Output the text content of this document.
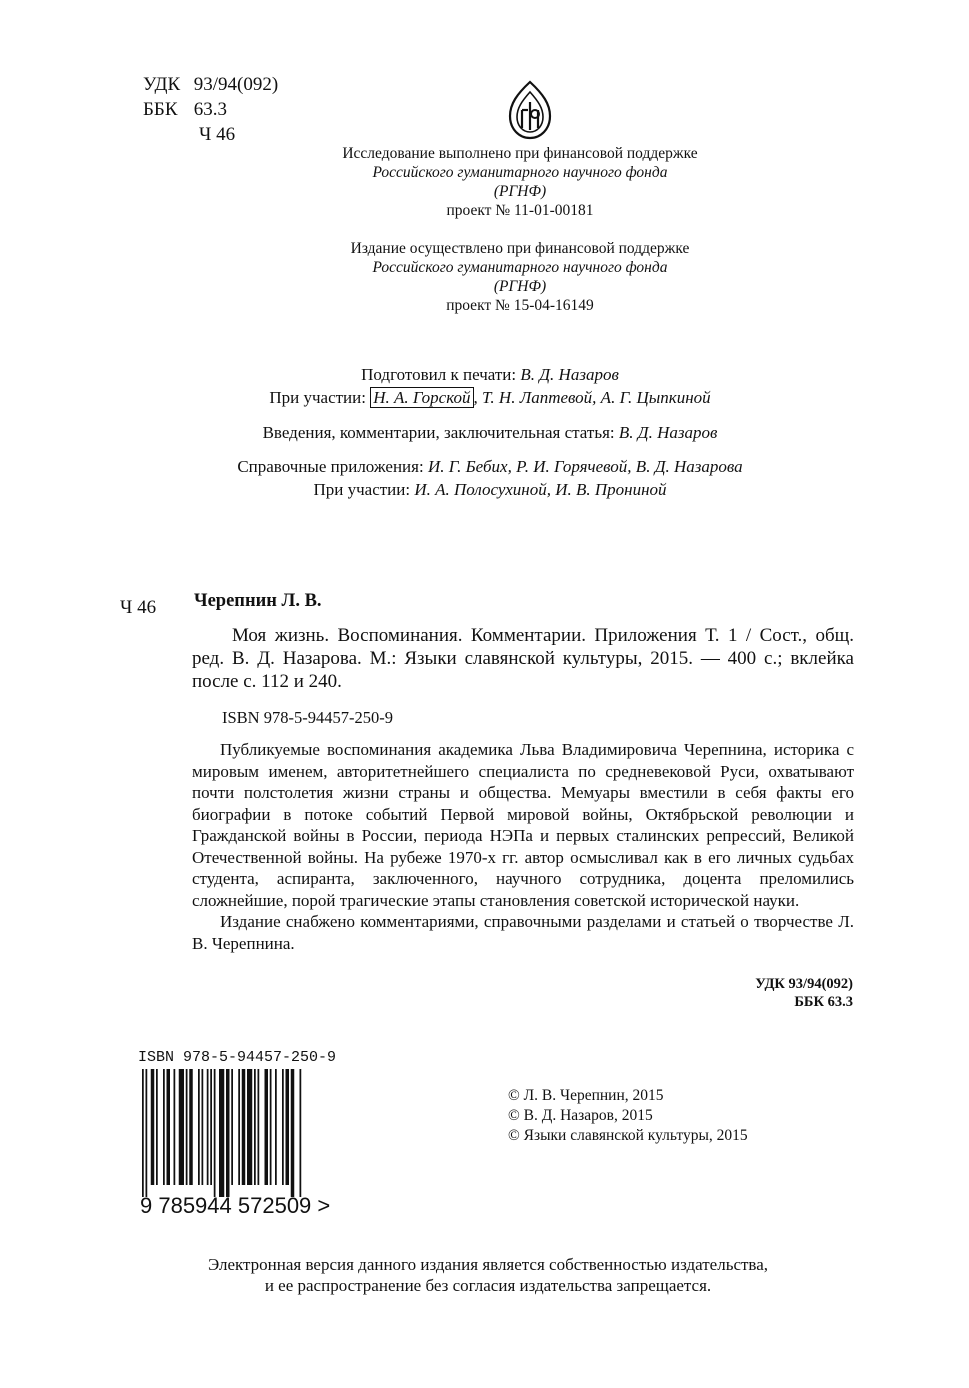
УДК 93/94(092)
ББК 63.3
Ч 46
Исследование выполнено при финансовой поддержке
Российского гуманитарного научного фонда
(РГНФ)
проект № 11-01-00181
Издание осуществлено при финансовой поддержке
Российского гуманитарного научного фонда
(РГНФ)
проект № 15-04-16149
Подготовил к печати: В. Д. Назаров
При участии: Н. А. Горской , Т. Н. Лаптевой, А. Г. Цыпкиной
Введения, комментарии, заключительная статья: В. Д. Назаров
Справочные приложения: И. Г. Бебих, Р. И. Горячевой, В. Д. Назарова
При участии: И. А. Полосухиной, И. В. Прониной
Ч 46 Черепнин Л. В.
Моя жизнь. Воспоминания. Комментарии. Приложения Т. 1 / Сост., общ. ред. В. Д. Назарова. М.: Языки славянской культуры, 2015. — 400 с.; вклейка после с. 112 и 240.
ISBN 978-5-94457-250-9

Публикуемые воспоминания академика Льва Владимировича Черепнина, историка с мировым именем, авторитетнейшего специалиста по средневековой Руси, охватывают почти полстолетия жизни страны и общества. Мемуары вместили в себя факты его биографии в потоке событий Первой мировой войны, Октябрьской революции и Гражданской войны в России, периода НЭПа и первых сталинских репрессий, Великой Отечественной войны. На рубеже 1970-х гг. автор осмысливал как в его личных судьбах студента, аспиранта, заключенного, научного сотрудника, доцента преломились сложнейшие, порой трагические этапы становления советской исторической науки.

Издание снабжено комментариями, справочными разделами и статьей о творчестве Л. В. Черепнина.

УДК 93/94(092)
ББК 63.3
ISBN 978-5-94457-250-9
9 785944 572509 >
© Л. В. Черепнин, 2015
© В. Д. Назаров, 2015
© Языки славянской культуры, 2015
Электронная версия данного издания является собственностью издательства,
и ее распространение без согласия издательства запрещается.
